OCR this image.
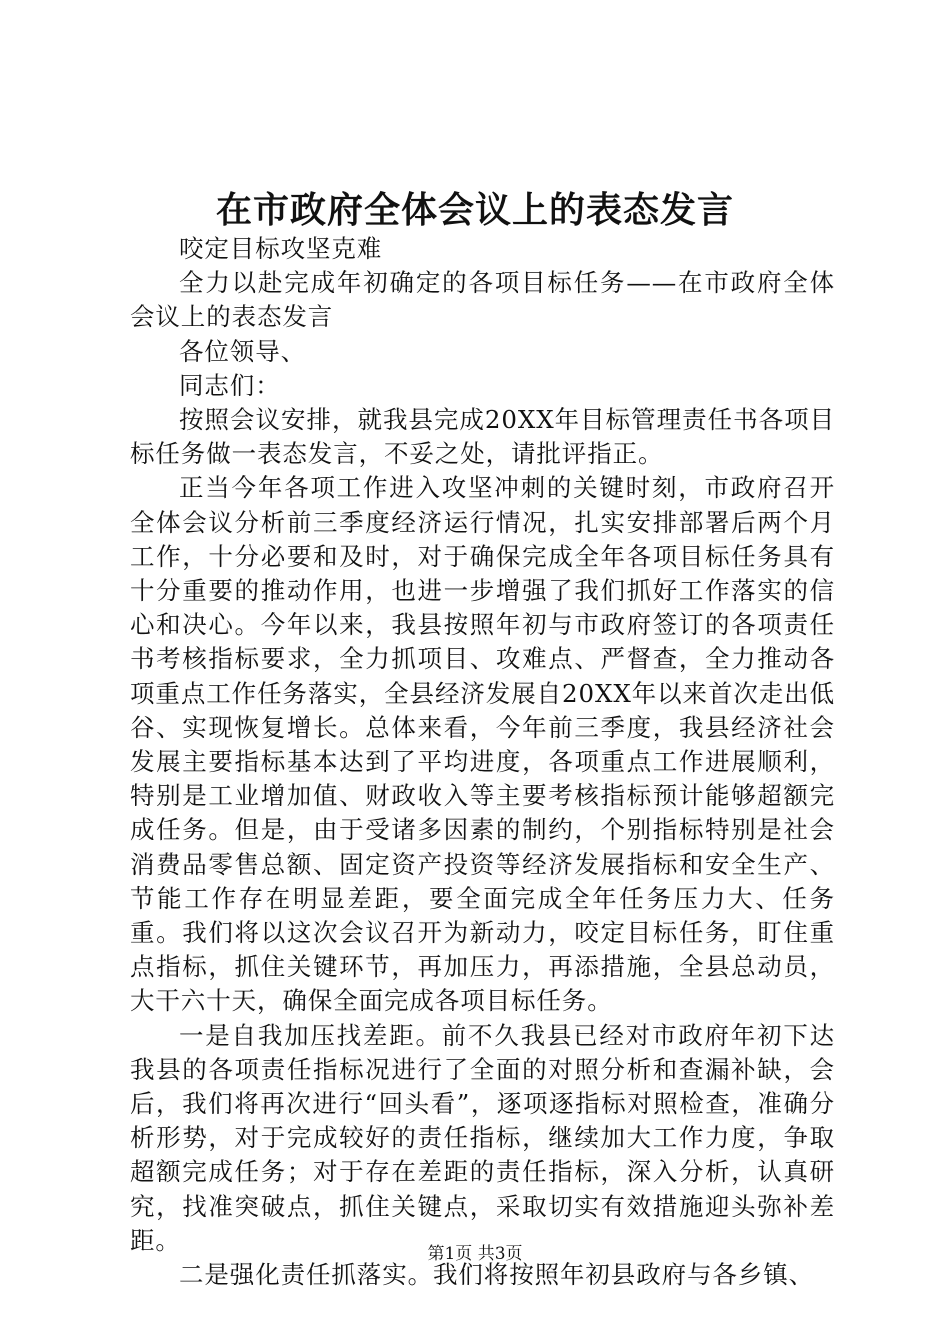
在市政府全体会议上的表态发言

咬定目标攻坚克难

全力以赴完成年初确定的各项目标任务——在市政府全体会议上的表态发言

各位领导、

同志们：

按照会议安排，就我县完成20XX年目标管理责任书各项目标任务做一表态发言，不妥之处，请批评指正。

正当今年各项工作进入攻坚冲刺的关键时刻，市政府召开全体会议分析前三季度经济运行情况，扎实安排部署后两个月工作，十分必要和及时，对于确保完成全年各项目标任务具有十分重要的推动作用，也进一步增强了我们抓好工作落实的信心和决心。今年以来，我县按照年初与市政府签订的各项责任书考核指标要求，全力抓项目、攻难点、严督查，全力推动各项重点工作任务落实，全县经济发展自20XX年以来首次走出低谷、实现恢复增长。总体来看，今年前三季度，我县经济社会发展主要指标基本达到了平均进度，各项重点工作进展顺利，特别是工业增加值、财政收入等主要考核指标预计能够超额完成任务。但是，由于受诸多因素的制约，个别指标特别是社会消费品零售总额、固定资产投资等经济发展指标和安全生产、节能工作存在明显差距，要全面完成全年任务压力大、任务重。我们将以这次会议召开为新动力，咬定目标任务，盯住重点指标，抓住关键环节，再加压力，再添措施，全县总动员，大干六十天，确保全面完成各项目标任务。

一是自我加压找差距。前不久我县已经对市政府年初下达我县的各项责任指标况进行了全面的对照分析和查漏补缺，会后，我们将再次进行“回头看”，逐项逐指标对照检查，准确分析形势，对于完成较好的责任指标，继续加大工作力度，争取超额完成任务；对于存在差距的责任指标，深入分析，认真研究，找准突破点，抓住关键点，采取切实有效措施迎头弥补差距。

二是强化责任抓落实。我们将按照年初县政府与各乡镇、

第1页 共3页
